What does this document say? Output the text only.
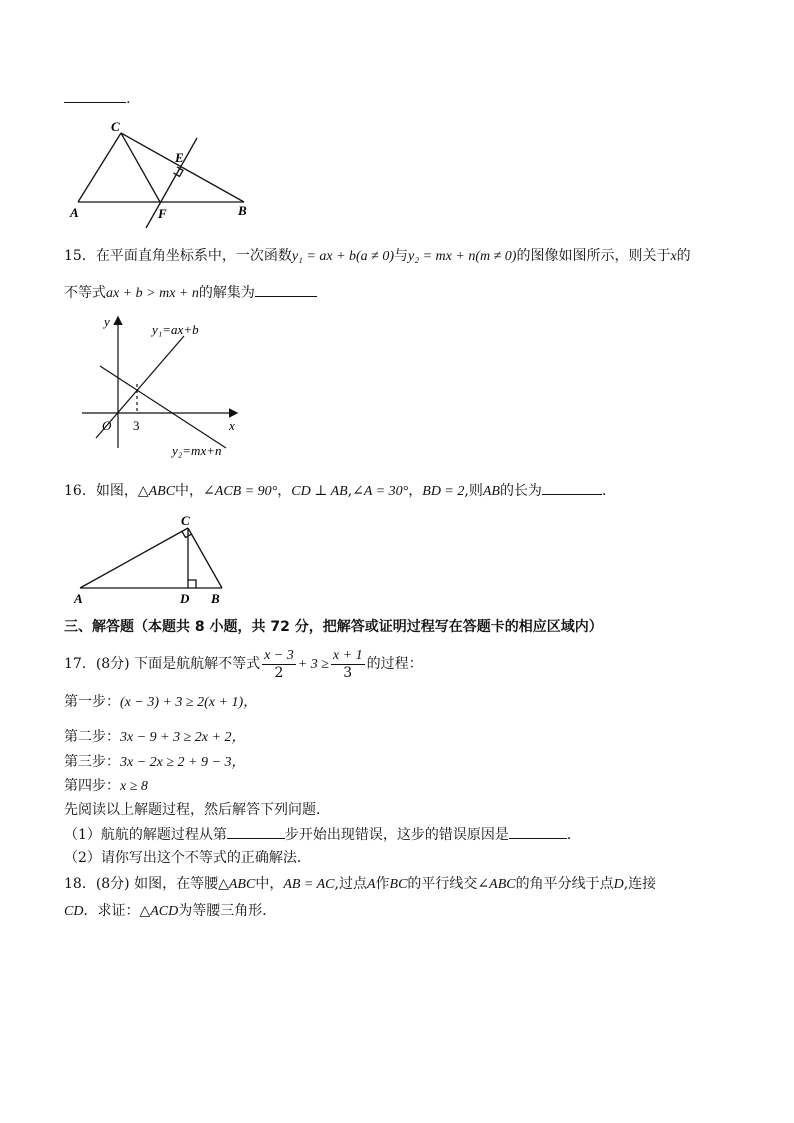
.
C
E
A	F	B
15．在平面直角坐标系中，一次函数y₁ = ax + b(a ≠ 0)与y₂ = mx + n(m ≠ 0)的图像如图所示，则关于x的
不等式ax + b > mx + n的解集为
y
y₁=ax+b
O 3	x
y₂=mx+n
16．如图，△ABC中，∠ACB = 90°，CD ⊥ AB,∠A = 30°，BD = 2,则AB的长为	.
C
A	D B
三、解答题（本题共 8 小题，共 72 分，把解答或证明过程写在答题卡的相应区域内）
17．(8分) 下面是航航解不等式 $\frac{x - 3}{2} + 3 \ge \frac{x + 1}{3}$ 的过程：
第一步：(x − 3) + 3 ≥ 2(x + 1)，
第二步：3x − 9 + 3 ≥ 2x + 2，
第三步：3x − 2x ≥ 2 + 9 − 3，
第四步：x ≥ 8
先阅读以上解题过程，然后解答下列问题．
（1）航航的解题过程从第	步开始出现错误，这步的错误原因是	．
（2）请你写出这个不等式的正确解法．
18．(8分) 如图，在等腰△ABC中，AB = AC,过点A作BC的平行线交∠ABC的角平分线于点D,连接
CD．求证：△ACD为等腰三角形．
